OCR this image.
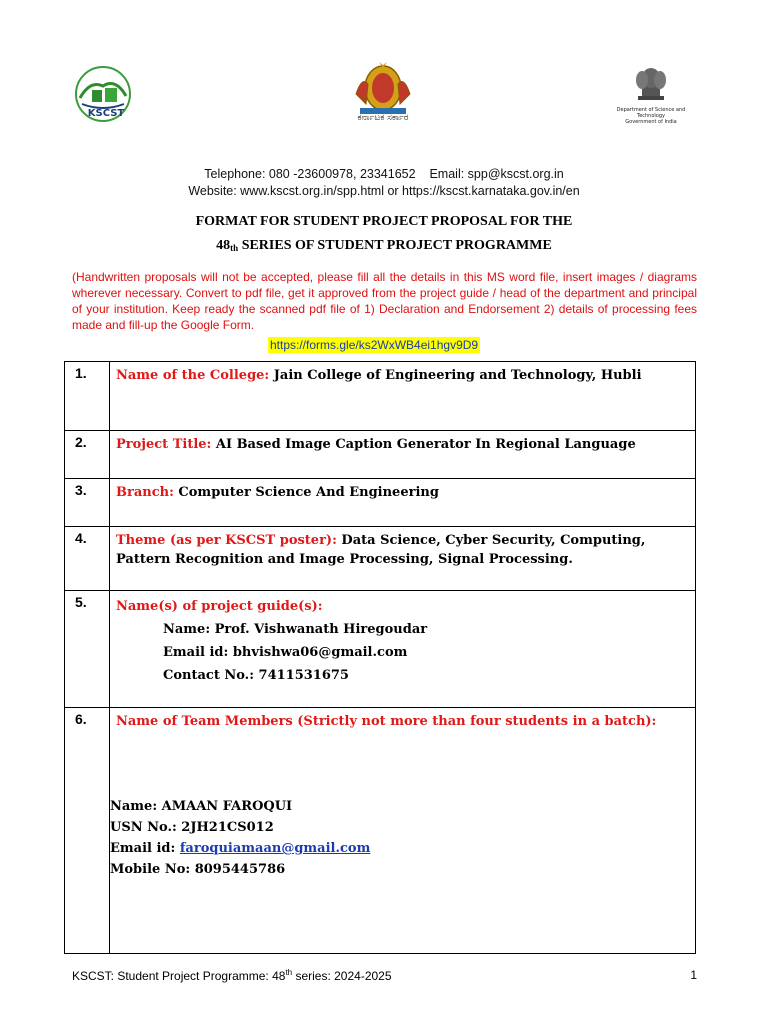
KSCST	ಕರ್ನಾಟಕ ಸರ್ಕಾರ
Department of Science and Technology
Government of India
Telephone: 080 -23600978, 23341652    Email: spp@kscst.org.in
Website: www.kscst.org.in/spp.html or https://kscst.karnataka.gov.in/en
FORMAT FOR STUDENT PROJECT PROPOSAL FOR THE
$48_{th}$ SERIES OF STUDENT PROJECT PROGRAMME
(Handwritten proposals will not be accepted, please fill all the details in this MS word file, insert images / diagrams wherever necessary. Convert to pdf file, get it approved from the project guide / head of the department and principal of your institution. Keep ready the scanned pdf file of 1) Declaration and Endorsement 2) details of processing fees made and fill-up the Google Form.
https://forms.gle/ks2WxWB4ei1hgv9D9
1. Name of the College: Jain College of Engineering and Technology, Hubli
2. Project Title: AI Based Image Caption Generator In Regional Language
3. Branch: Computer Science And Engineering
4. Theme (as per KSCST poster): Data Science, Cyber Security, Computing, Pattern Recognition and Image Processing, Signal Processing.
5. Name(s) of project guide(s):
Name: Prof. Vishwanath Hiregoudar
Email id: bhvishwa06@gmail.com
Contact No.: 7411531675
6. Name of Team Members (Strictly not more than four students in a batch):
Name: AMAAN FAROQUI
USN No.: 2JH21CS012
Email id: faroquiamaan@gmail.com
Mobile No: 8095445786
KSCST: Student Project Programme: 48th series: 2024-2025	1
